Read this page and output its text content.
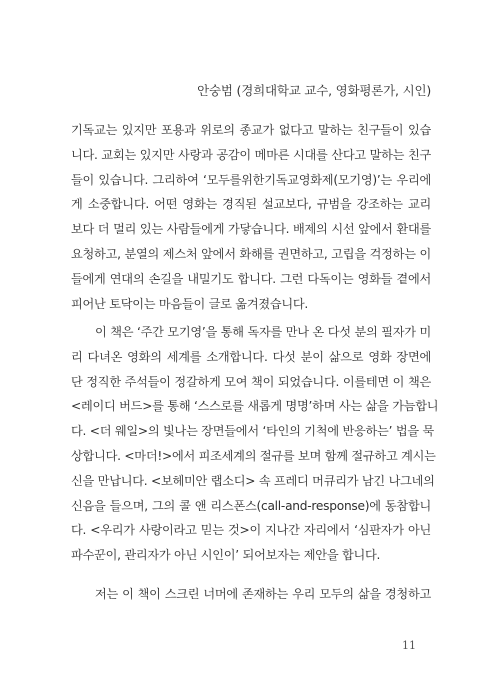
안숭범 (경희대학교 교수, 영화평론가, 시인)
기독교는 있지만 포용과 위로의 종교가 없다고 말하는 친구들이 있습
니다. 교회는 있지만 사랑과 공감이 메마른 시대를 산다고 말하는 친구
들이 있습니다. 그리하여 ‘모두를위한기독교영화제(모기영)’는 우리에
게 소중합니다. 어떤 영화는 경직된 설교보다, 규범을 강조하는 교리
보다 더 멀리 있는 사람들에게 가닿습니다. 배제의 시선 앞에서 환대를
요청하고, 분열의 제스처 앞에서 화해를 권면하고, 고립을 걱정하는 이
들에게 연대의 손길을 내밀기도 합니다. 그런 다독이는 영화들 곁에서
피어난 토닥이는 마음들이 글로 옮겨졌습니다.
이 책은 ‘주간 모기영’을 통해 독자를 만나 온 다섯 분의 필자가 미
리 다녀온 영화의 세계를 소개합니다. 다섯 분이 삶으로 영화 장면에
단 정직한 주석들이 정갈하게 모여 책이 되었습니다. 이를테면 이 책은
<레이디 버드>를 통해 ‘스스로를 새롭게 명명’하며 사는 삶을 가늠합니
다. <더 웨일>의 빛나는 장면들에서 ‘타인의 기척에 반응하는’ 법을 묵
상합니다. <마더!>에서 피조세계의 절규를 보며 함께 절규하고 계시는
신을 만납니다. <보헤미안 랩소디> 속 프레디 머큐리가 남긴 나그네의
신음을 들으며, 그의 콜 앤 리스폰스(call-and-response)에 동참합니
다. <우리가 사랑이라고 믿는 것>이 지나간 자리에서 ‘심판자가 아닌
파수꾼이, 관리자가 아닌 시인이’ 되어보자는 제안을 합니다.
저는 이 책이 스크린 너머에 존재하는 우리 모두의 삶을 경청하고
11
